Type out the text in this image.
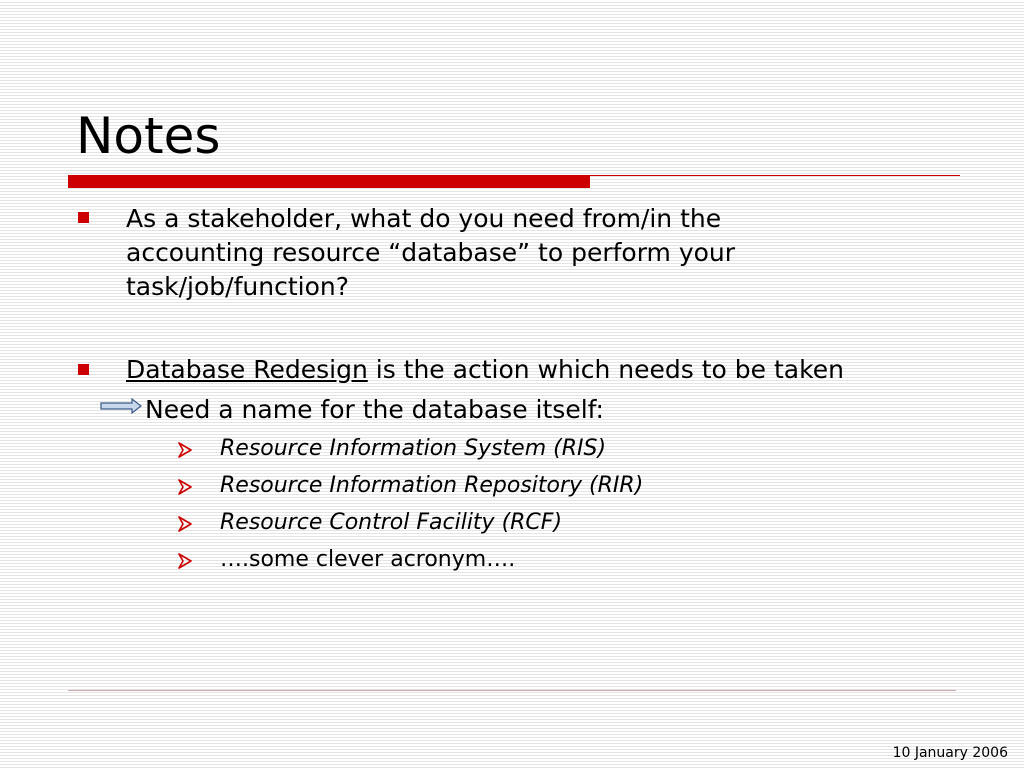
Notes
As a stakeholder, what do you need from/in the
accounting resource “database” to perform your
task/job/function?
Database Redesign is the action which needs to be taken
Need a name for the database itself:
Resource Information System (RIS)
Resource Information Repository (RIR)
Resource Control Facility (RCF)
….some clever acronym….
10 January 2006
